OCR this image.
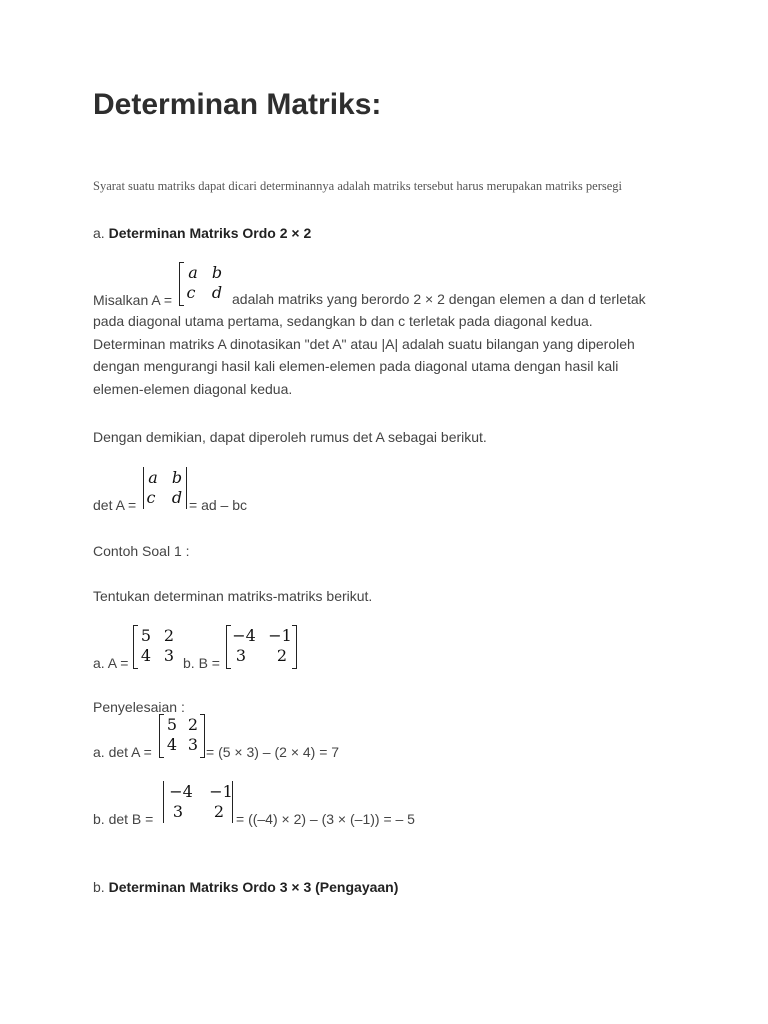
Determinan Matriks:
Syarat suatu matriks dapat dicari determinannya adalah matriks tersebut harus merupakan matriks persegi
a. Determinan Matriks Ordo 2 × 2
a b
c	d
Misalkan A =	adalah matriks yang berordo 2 × 2 dengan elemen a dan d terletak
pada diagonal utama pertama, sedangkan b dan c terletak pada diagonal kedua.
Determinan matriks A dinotasikan "det A" atau |A| adalah suatu bilangan yang diperoleh
dengan mengurangi hasil kali elemen-elemen pada diagonal utama dengan hasil kali
elemen-elemen diagonal kedua.
Dengan demikian, dapat diperoleh rumus det A sebagai berikut.
a b
c	d
det A =	= ad – bc
Contoh Soal 1 :
Tentukan determinan matriks-matriks berikut.
5 2
4 3
a. A =	b. B =
−4 −1
3	2
Penyelesaian :
5 2
4 3
a. det A =	= (5 × 3) – (2 × 4) = 7
−4 −1
3	2
b. det B =	= ((–4) × 2) – (3 × (–1)) = – 5
b. Determinan Matriks Ordo 3 × 3 (Pengayaan)
